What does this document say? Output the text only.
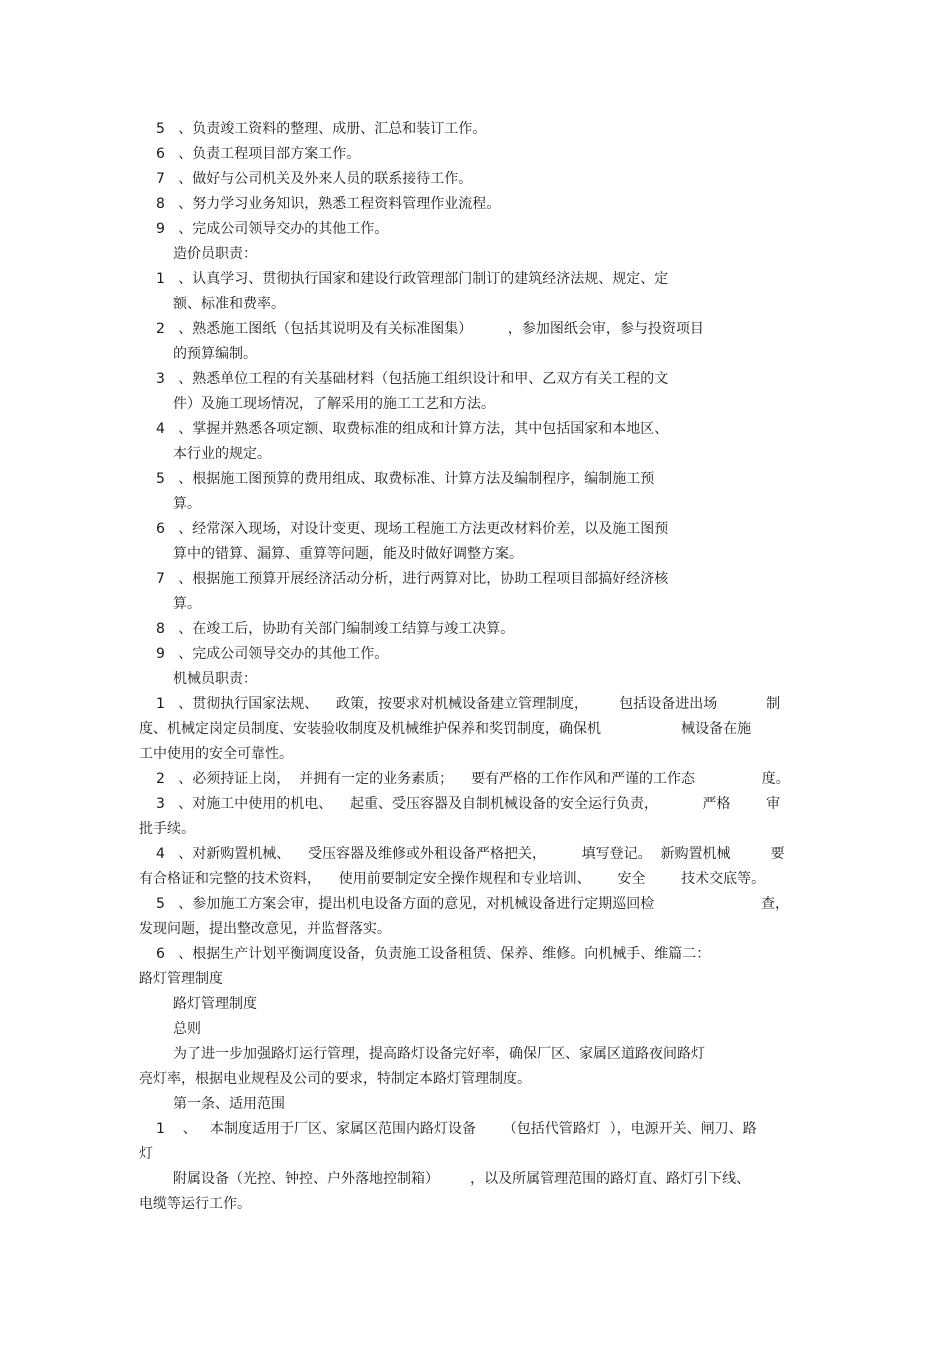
5   、负责竣工资料的整理、成册、汇总和装订工作。
6   、负责工程项目部方案工作。
7   、做好与公司机关及外来人员的联系接待工作。
8   、努力学习业务知识，熟悉工程资料管理作业流程。
9   、完成公司领导交办的其他工作。
造价员职责：
1   、认真学习、贯彻执行国家和建设行政管理部门制订的建筑经济法规、规定、定
额、标准和费率。
2   、熟悉施工图纸（包括其说明及有关标准图集）        ，参加图纸会审，参与投资项目
的预算编制。
3   、熟悉单位工程的有关基础材料（包括施工组织设计和甲、乙双方有关工程的文
件）及施工现场情况，了解采用的施工工艺和方法。
4   、掌握并熟悉各项定额、取费标准的组成和计算方法，其中包括国家和本地区、
本行业的规定。
5   、根据施工图预算的费用组成、取费标准、计算方法及编制程序，编制施工预
算。
6   、经常深入现场，对设计变更、现场工程施工方法更改材料价差，以及施工图预
算中的错算、漏算、重算等问题，能及时做好调整方案。
7   、根据施工预算开展经济活动分析，进行两算对比，协助工程项目部搞好经济核
算。
8   、在竣工后，协助有关部门编制竣工结算与竣工决算。
9   、完成公司领导交办的其他工作。
机械员职责：
1   、贯彻执行国家法规、    政策，按要求对机械设备建立管理制度，       包括设备进出场           制
度、机械定岗定员制度、安装验收制度及机械维护保养和奖罚制度，确保机                  械设备在施
工中使用的安全可靠性。
2   、必须持证上岗，  并拥有一定的业务素质；    要有严格的工作作风和严谨的工作态               度。
3   、对施工中使用的机电、    起重、受压容器及自制机械设备的安全运行负责，          严格        审
批手续。
4   、对新购置机械、    受压容器及维修或外租设备严格把关，        填写登记。  新购置机械         要
有合格证和完整的技术资料，    使用前要制定安全操作规程和专业培训、      安全        技术交底等。
5   、参加施工方案会审，提出机电设备方面的意见，对机械设备进行定期巡回检                        查，
发现问题，提出整改意见，并监督落实。
6   、根据生产计划平衡调度设备，负责施工设备租赁、保养、维修。向机械手、维篇二：
路灯管理制度
路灯管理制度
总则
为了进一步加强路灯运行管理，提高路灯设备完好率，确保厂区、家属区道路夜间路灯
亮灯率，根据电业规程及公司的要求，特制定本路灯管理制度。
第一条、适用范围
1    、   本制度适用于厂区、家属区范围内路灯设备      （包括代管路灯  ），电源开关、闸刀、路
灯
附属设备（光控、钟控、户外落地控制箱）       ，以及所属管理范围的路灯直、路灯引下线、
电缆等运行工作。
